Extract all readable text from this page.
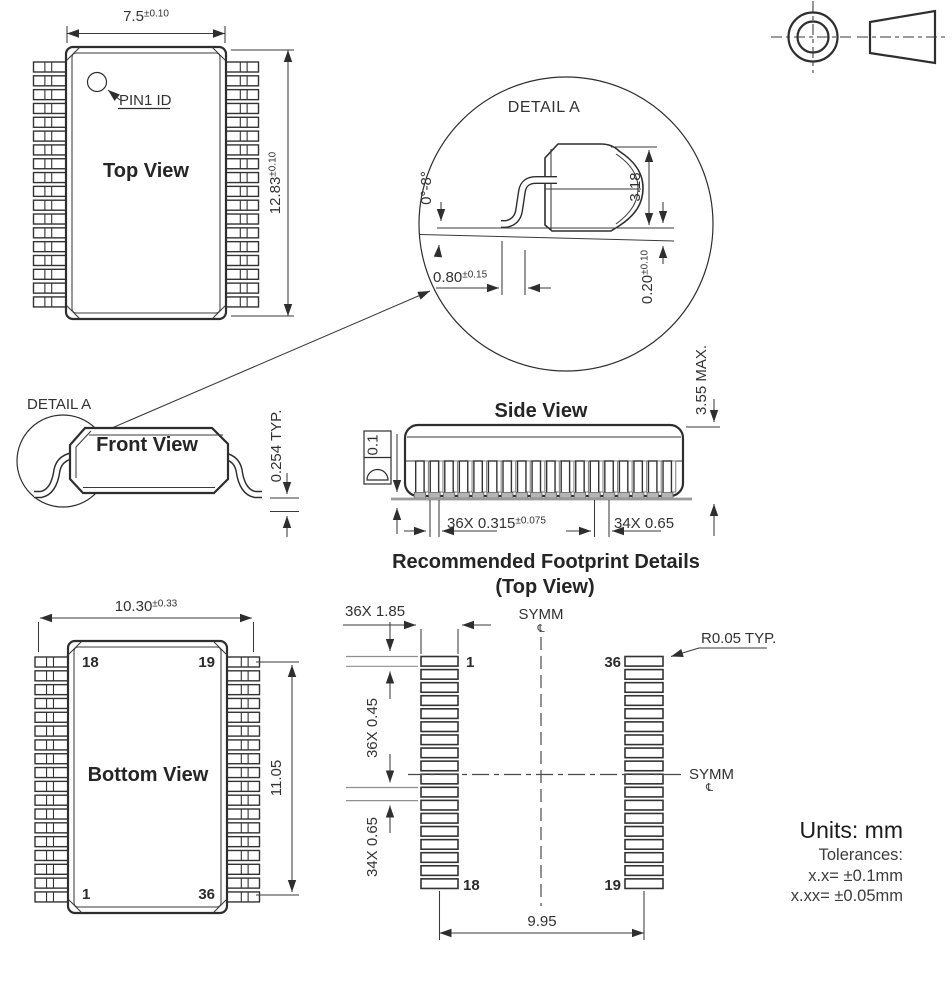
PIN1 ID
Top View
$7.5^{\pm 0.10}$
$12.83^{\pm 0.10}$
DETAIL A
0°-8°	3.18
$0.20^{\pm 0.10}$
$0.80^{\pm 0.15}$
DETAIL A
Front View	0.254 TYP.	Side View
0.1
3.55 MAX.
36X $0.315^{\pm 0.075}$	34X 0.65
18	19
1	36
Bottom View
$10.30^{\pm 0.33}$
11.05
Recommended Footprint Details
(Top View)
36X 1.85	SYMM
℄
R0.05 TYP.
1	36
18	19
36X 0.45
34X 0.65
SYMM
℄
9.95
Units: mm
Tolerances:
x.x= ±0.1mm
x.xx= ±0.05mm
